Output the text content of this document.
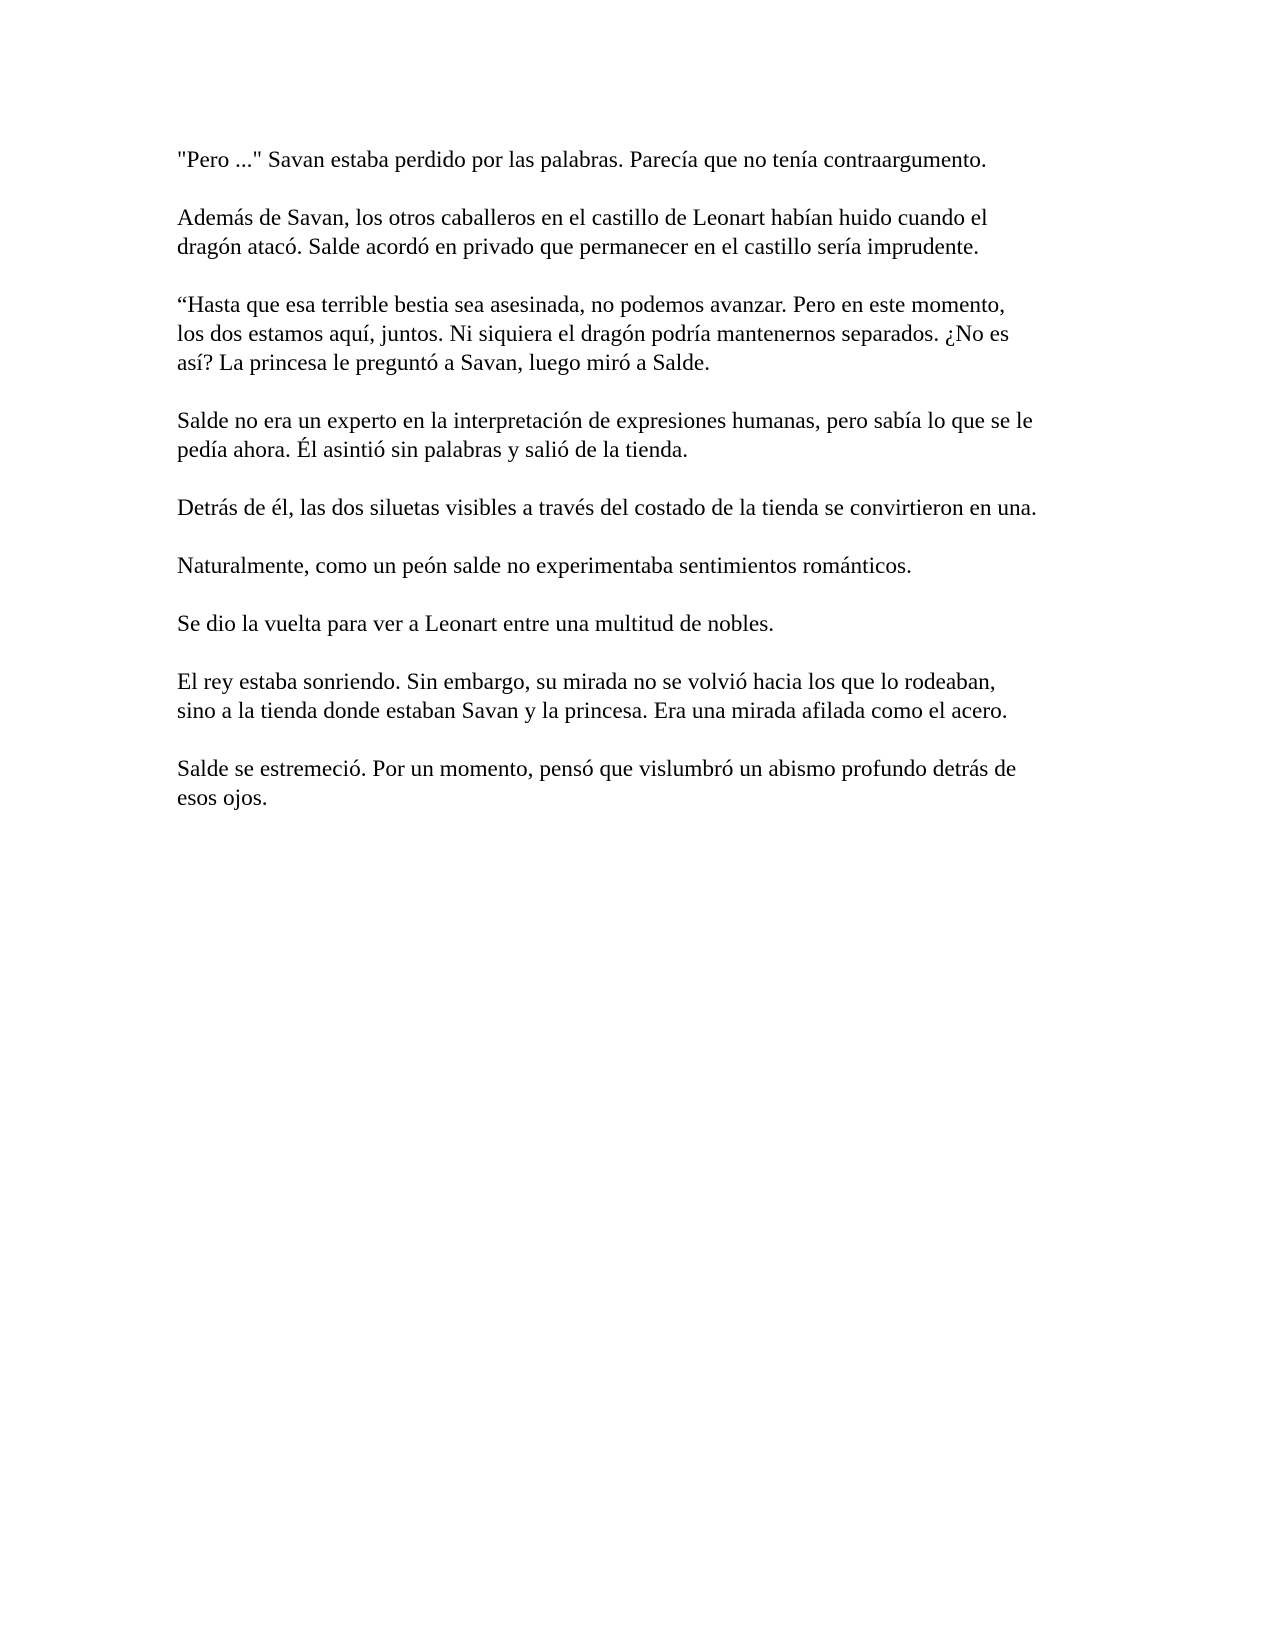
"Pero ..." Savan estaba perdido por las palabras. Parecía que no tenía contraargumento.

Además de Savan, los otros caballeros en el castillo de Leonart habían huido cuando el
dragón atacó. Salde acordó en privado que permanecer en el castillo sería imprudente.

“Hasta que esa terrible bestia sea asesinada, no podemos avanzar. Pero en este momento,
los dos estamos aquí, juntos. Ni siquiera el dragón podría mantenernos separados. ¿No es
así? La princesa le preguntó a Savan, luego miró a Salde.

Salde no era un experto en la interpretación de expresiones humanas, pero sabía lo que se le
pedía ahora. Él asintió sin palabras y salió de la tienda.

Detrás de él, las dos siluetas visibles a través del costado de la tienda se convirtieron en una.

Naturalmente, como un peón salde no experimentaba sentimientos románticos.

Se dio la vuelta para ver a Leonart entre una multitud de nobles.

El rey estaba sonriendo. Sin embargo, su mirada no se volvió hacia los que lo rodeaban,
sino a la tienda donde estaban Savan y la princesa. Era una mirada afilada como el acero.

Salde se estremeció. Por un momento, pensó que vislumbró un abismo profundo detrás de
esos ojos.
